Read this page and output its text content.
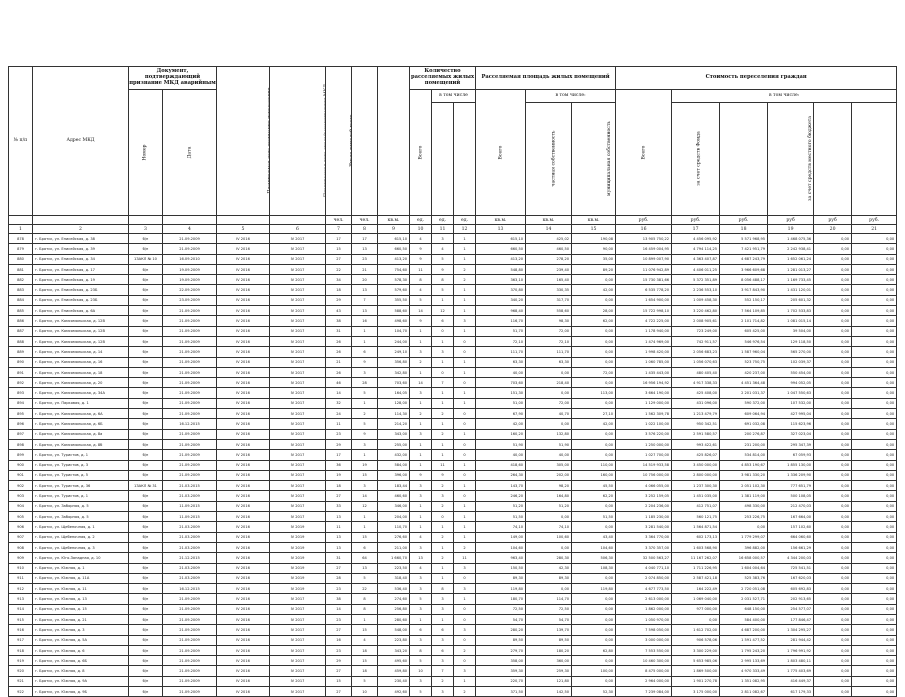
№ п/п	Адрес МКД	Документ, подтверждающий признание МКД аварийным							Количество расселяемых жилых помещений			Расселяемая площадь жилых помещений			Стоимость переселения граждан					
		Номер	Дата						Всего	в том числе		Всего	в том числе:		Всего	в том числе:				
		частная собственность	муниципальная собственность		за счет средств Фонда		за счет средств местного бюджета		
						чел.	чел.	кв.м.	ед.	ед.	ед.	кв.м.	кв.м.	кв.м.	руб.	руб.	руб.	руб	руб	руб.
1	2	3	4	5	6	7	8	9	10	11	12	13	14	15	16	17	18	19	20	21
878	г. Братск, ул. Енисейская, д. 38	б/н	21.09.2009	IV 2016	IV 2017	17	17	615,10	4	3	1	615,10	425,02	190,08	13 905 750,22	4 456 095,92	5 571 968,95	1 468 075,36	0,00	0,00
879	г. Братск, ул. Енисейская, д. 39	б/н	21.09.2009	IV 2016	IV 2017	15	13	660,50	9	4	1	660,50	460,50	90,00	16 459 004,95	4 794 114,25	7 421 951,79	2 242 938,41	0,00	0,00
880	г. Братск, ул. Енисейская, д. 34	1ЗАКЛ № 10	16.09.2010	IV 2016	IV 2017	27	23	413,20	9	5	1	413,20	278,20	35,00	10 899 007,90	4 363 407,87	4 687 243,79	1 652 061,24	0,00	0,00
881	г. Братск, ул. Енисейская, д. 17	б/н	19.09.2009	IV 2016	IV 2017	22	21	754,60	11	9	2	548,80	239,40	89,20	11 076 942,89	4 406 011,25	3 966 609,68	1 281 013,27	0,00	0,00
882	г. Братск, ул. Енисейская, д. 19	б/н	19.09.2009	IV 2016	IV 2017	34	20	578,30	8	8	2	363,10	165,40	0,00	15 730 381,66	5 372 351,89	8 056 488,17	1 169 733,45	0,00	0,00
883	г. Братск, ул. Енисейская, д. 23Б	б/н	22.09.2009	IV 2016	IV 2017	18	13	579,60	4	5	1	370,80	330,35	42,00	6 535 778,20	2 236 553,10	3 917 843,90	1 431 120,01	0,00	0,00
884	г. Братск, ул. Енисейская, д. 23Б	б/н	23.09.2009	IV 2016	IV 2017	29	7	355,50	5	1	1	340,20	317,70	0,00	1 654 900,00	1 009 458,30	552 150,17	205 601,32	0,00	0,00
885	г. Братск, ул. Енисейская, д. 6А	б/н	21.09.2009	IV 2016	IV 2017	43	13	588,60	14	12	1	968,40	558,60	28,00	15 722 998,10	3 220 462,80	7 564 109,85	1 702 533,83	0,00	0,00
886	г. Братск, ул. Комсомольская, д. 12В	б/н	21.09.2009	IV 2016	IV 2017	38	16	498,60	9	6	3	116,70	98,30	62,00	4 722 225,00	2 008 905,61	2 101 714,82	1 081 015,14	0,00	0,00
887	г. Братск, ул. Комсомольская, д. 12В	б/н	21.09.2009	IV 2016	IV 2017	31	1	104,70	1	0	1	51,70	72,00	0,00	1 178 940,00	723 249,00	605 425,00	39 504,00	0,00	0,00
888	г. Братск, ул. Комсомольская, д. 12В	б/н	21.09.2009	IV 2016	IV 2017	26	1	244,00	1	1	0	72,10	72,10	0,00	1 474 969,00	742 911,57	546 976,54	129 118,50	0,00	0,00
889	г. Братск, ул. Комсомольская, д. 14	б/н	21.09.2009	IV 2016	IV 2017	26	6	249,10	3	3	0	111,70	111,70	0,00	1 998 420,00	2 056 683,23	1 587 960,04	565 270,00	0,00	0,00
890	г. Братск, ул. Комсомольская, д. 16	б/н	21.09.2009	IV 2016	IV 2017	21	9	356,80	2	1	1	63,30	63,30	0,00	1 060 785,00	1 056 070,63	523 750,75	102 039,37	0,00	0,00
891	г. Братск, ул. Комсомольская, д. 18	б/н	21.09.2009	IV 2016	IV 2017	26	3	342,80	1	0	1	40,00	0,00	72,00	1 435 443,00	480 405,40	420 237,00	550 454,00	0,00	0,00
892	г. Братск, ул. Комсомольская, д. 20	б/н	21.09.2009	IV 2016	IV 2017	46	28	703,60	14	7	0	703,60	218,40	0,00	16 956 194,92	4 917 338,33	4 451 364,48	994 052,05	0,00	0,00
893	г. Братск, ул. Комсомольская, д. 34А	б/н	21.09.2009	IV 2016	IV 2017	14	5	164,05	3	1	1	151,30	0,00	113,00	3 664 190,00	425 408,00	2 201 031,37	1 047 550,63	0,00	0,00
894	г. Братск, ул. Парковая, д. 1	б/н	21.09.2009	IV 2016	IV 2017	32	1	128,00	1	1	1	51,00	72,00	0,00	1 129 000,00	431 096,00	590 372,00	107 532,00	0,00	0,00
895	г. Братск, ул. Комсомольская, д. 6А	б/н	21.09.2009	IV 2016	IV 2017	24	2	114,30	2	2	0	67,90	40,70	27,10	1 562 309,78	1 213 479,79	609 064,94	427 995,04	0,00	0,00
896	г. Братск, ул. Комсомольская, д. 6Б	б/н	16.12.2015	IV 2016	IV 2017	11	5	214,20	1	1	0	42,00	0,00	42,00	1 022 100,00	950 342,51	691 032,08	115 623,96	0,00	0,00
897	г. Братск, ул. Комсомольская, д. 8а	б/н	21.09.2009	IV 2016	IV 2017	23	9	343,00	3	2	1	160,20	132,80	0,00	3 576 220,00	2 591 580,57	200 276,87	327 023,04	0,00	0,00
898	г. Братск, ул. Комсомольская, д. 8б	б/н	21.09.2009	IV 2016	IV 2017	29	3	255,00	1	1	0	51,90	51,90	0,00	1 250 000,00	993 422,61	231 200,00	295 347,39	0,00	0,00
899	г. Братск, ул. Туристов, д. 1	б/н	21.09.2009	IV 2016	IV 2017	17	1	432,00	1	1	0	40,00	40,00	0,00	1 027 700,00	425 826,07	534 814,00	67 059,93	0,00	0,00
900	г. Братск, ул. Туристов, д. 3	б/н	21.09.2009	IV 2016	IV 2017	36	19	584,00	1	11	1	418,60	305,00	110,00	14 519 933,58	3 450 000,00	4 853 190,67	1 855 130,00	0,00	0,00
901	г. Братск, ул. Туристов, д. 5	б/н	21.09.2009	IV 2016	IV 2017	19	15	396,00	9	9	0	264,30	202,00	160,00	10 756 000,00	2 800 000,00	3 981 330,20	1 336 209,90	0,00	0,00
902	г. Братск, ул. Туристов, д. 36	1ЗАКЛ № 31	21.03.2015	IV 2016	IV 2017	18	3	183,44	3	2	1	143,70	98,20	45,50	4 066 055,00	1 237 300,30	2 051 102,30	777 651,79	0,00	0,00
903	г. Братск, ул. Туристов, д. 1	б/н	21.03.2009	IV 2016	IV 2017	27	14	460,60	3	3	0	246,20	164,80	62,20	3 252 159,05	1 451 035,00	1 381 119,00	500 108,05	0,00	0,00
904	г. Братск, ул. Заборная, д. 5	б/н	11.09.2015	IV 2016	IV 2017	33	12	346,00	1	2	1	51,20	51,20	0,00	2 204 236,00	412 751,07	498 330,00	212 470,03	0,00	0,00
905	г. Братск, ул. Заборная, д. 5	б/н	11.09.2015	IV 2016	IV 2017	13	1	204,00	1	0	1	51,50	0,00	51,50	1 185 230,00	560 121,75	253 226,75	167 664,00	0,00	0,00
906	г. Братск, ул. Щебеночная, д. 1	б/н	21.03.2009	IV 2016	IV 2019	11	1	110,70	1	1	1	74,10	74,10	0,00	3 281 540,00	1 564 871,54	0,00	157 102,60	0,00	0,00
907	г. Братск, ул. Щебеночная, д. 2	б/н	21.03.2009	IV 2016	IV 2019	13	15	276,60	4	2	1	149,00	100,60	43,40	3 364 770,00	602 173,13	1 779 299,07	664 060,60	0,00	0,00
908	г. Братск, ул. Щебеночная, д. 3	б/н	21.03.2009	IV 2016	IV 2019	13	6	211,00	3	1	2	104,60	0,00	104,60	3 370 357,00	1 603 568,90	396 882,00	156 661,29	0,00	0,00
909	г. Братск, ул. Юго-Западная, д. 10	б/н	21.12.2015	IV 2016	IV 2019	31	64	1 660,70	13	2	11	963,40	280,30	506,30	32 500 563,27	11 167 262,07	16 658 000,57	4 344 200,03	0,00	0,00
910	г. Братск, ул. Южная, д. 1	б/н	21.03.2009	IV 2016	IV 2019	27	13	223,50	4	1	3	150,50	42,30	108,30	4 040 771,10	1 711 226,95	1 604 004,64	725 541,51	0,00	0,00
911	г. Братск, ул. Южная, д. 11А	б/н	21.03.2009	IV 2016	IV 2019	28	5	318,40	3	1	0	89,30	89,30	0,00	2 074 850,00	2 587 421,18	525 383,76	167 620,03	0,00	0,00
912	г. Братск, ул. Южная, д. 11	б/н	16.12.2015	IV 2016	IV 2019	23	22	536,40	3	8	3	119,80	0,00	119,80	4 677 773,50	164 222,49	2 720 051,08	605 692,83	0,00	0,00
913	г. Братск, ул. Южная, д. 13	б/н	21.09.2009	IV 2016	IV 2017	38	8	274,60	5	3	1	180,70	114,70	0,00	2 613 000,00	1 069 040,00	2 031 527,71	202 913,65	0,00	0,00
914	г. Братск, ул. Южная, д. 15	б/н	21.09.2009	IV 2016	IV 2017	14	8	256,80	3	3	0	72,50	72,50	0,00	1 862 000,00	977 000,00	648 150,00	254 577,07	0,00	0,00
915	г. Братск, ул. Южная, д. 21	б/н	21.09.2009	IV 2016	IV 2017	23	1	280,60	1	1	0	54,70	54,70	0,00	1 050 970,00	0,00	584 400,00	177 846,47	0,00	0,00
916	г. Братск, ул. Южная, д. 3	б/н	21.09.2009	IV 2016	IV 2017	27	15	548,00	6	6	3	280,20	139,70	0,00	7 598 050,00	1 612 702,00	4 687 200,00	1 304 295,27	0,00	0,00
917	г. Братск, ул. Южная, д. 5А	б/н	21.09.2009	IV 2016	IV 2017	16	4	223,80	3	3	0	89,50	89,50	0,00	3 000 000,00	906 578,06	1 591 477,52	281 944,42	0,00	0,00
918	г. Братск, ул. Южная, д. 6	б/н	21.09.2009	IV 2016	IV 2017	23	18	343,20	8	6	2	279,70	180,20	62,80	7 553 550,00	3 300 229,00	1 795 243,20	1 796 991,92	0,00	0,00
919	г. Братск, ул. Южная, д. 6Б	б/н	21.09.2009	IV 2016	IV 2017	29	15	495,60	5	3	0	358,00	360,00	0,00	10 460 300,00	5 653 985,06	2 995 133,69	1 803 480,11	0,00	0,00
920	г. Братск, ул. Южная, д. 8	б/н	21.09.2009	IV 2016	IV 2017	27	18	459,80	10	7	3	359,30	259,30	100,00	8 475 000,00	1 869 500,00	4 970 333,49	1 775 403,69	0,00	0,00
921	г. Братск, ул. Южная, д. 9А	б/н	21.09.2009	IV 2016	IV 2017	15	5	230,40	3	2	1	220,70	121,80	0,00	2 964 000,00	1 901 270,78	1 351 082,95	416 449,37	0,00	0,00
922	г. Братск, ул. Южная, д. 9Б	б/н	21.09.2009	IV 2016	IV 2017	27	10	492,60	5	3	2	371,50	142,50	52,30	7 239 084,00	3 175 000,00	2 811 082,67	617 179,33	0,00	0,00
